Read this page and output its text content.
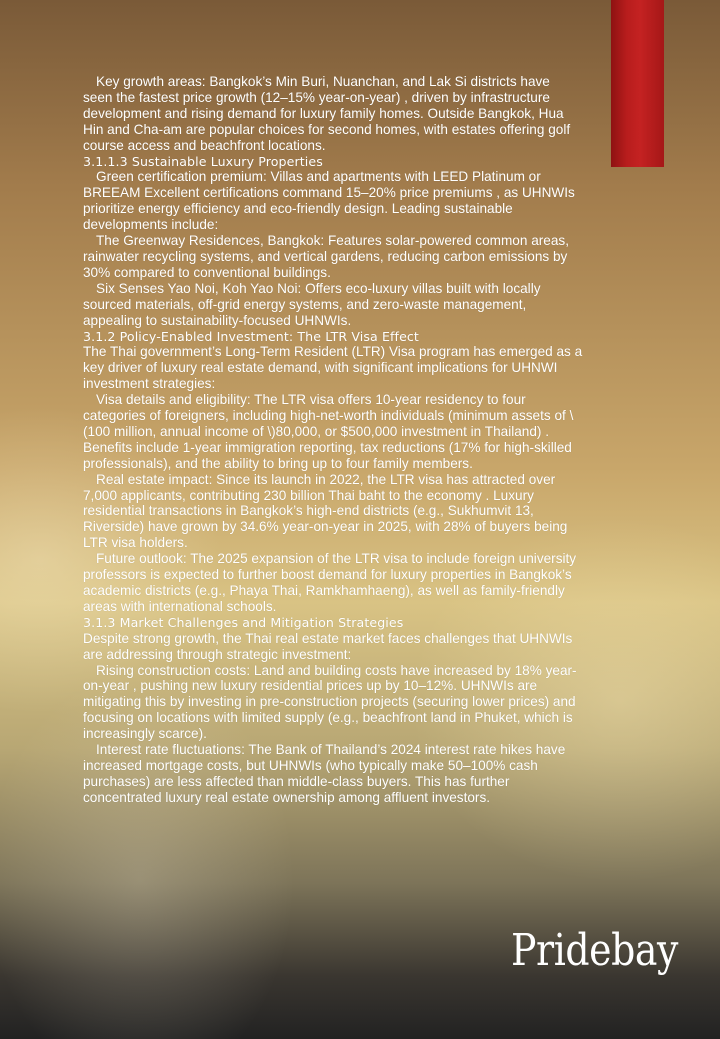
Key growth areas: Bangkok’s Min Buri, Nuanchan, and Lak Si districts have seen the fastest price growth (12–15% year-on-year) , driven by infrastructure development and rising demand for luxury family homes. Outside Bangkok, Hua Hin and Cha-am are popular choices for second homes, with estates offering golf course access and beachfront locations.

3.1.1.3 Sustainable Luxury Properties

Green certification premium: Villas and apartments with LEED Platinum or BREEAM Excellent certifications command 15–20% price premiums , as UHNWIs prioritize energy efficiency and eco-friendly design. Leading sustainable developments include:

The Greenway Residences, Bangkok: Features solar-powered common areas, rainwater recycling systems, and vertical gardens, reducing carbon emissions by 30% compared to conventional buildings.

Six Senses Yao Noi, Koh Yao Noi: Offers eco-luxury villas built with locally sourced materials, off-grid energy systems, and zero-waste management, appealing to sustainability-focused UHNWIs.

3.1.2 Policy-Enabled Investment: The LTR Visa Effect

The Thai government’s Long-Term Resident (LTR) Visa program has emerged as a key driver of luxury real estate demand, with significant implications for UHNWI investment strategies:

Visa details and eligibility: The LTR visa offers 10-year residency to four categories of foreigners, including high-net-worth individuals (minimum assets of \(100 million, annual income of \)80,000, or $500,000 investment in Thailand) . Benefits include 1-year immigration reporting, tax reductions (17% for high-skilled professionals), and the ability to bring up to four family members.

Real estate impact: Since its launch in 2022, the LTR visa has attracted over 7,000 applicants, contributing 230 billion Thai baht to the economy . Luxury residential transactions in Bangkok’s high-end districts (e.g., Sukhumvit 13, Riverside) have grown by 34.6% year-on-year in 2025, with 28% of buyers being LTR visa holders.

Future outlook: The 2025 expansion of the LTR visa to include foreign university professors is expected to further boost demand for luxury properties in Bangkok’s academic districts (e.g., Phaya Thai, Ramkhamhaeng), as well as family-friendly areas with international schools.

3.1.3 Market Challenges and Mitigation Strategies

Despite strong growth, the Thai real estate market faces challenges that UHNWIs are addressing through strategic investment:

Rising construction costs: Land and building costs have increased by 18% year-on-year , pushing new luxury residential prices up by 10–12%. UHNWIs are mitigating this by investing in pre-construction projects (securing lower prices) and focusing on locations with limited supply (e.g., beachfront land in Phuket, which is increasingly scarce).

Interest rate fluctuations: The Bank of Thailand’s 2024 interest rate hikes have increased mortgage costs, but UHNWIs (who typically make 50–100% cash purchases) are less affected than middle-class buyers. This has further concentrated luxury real estate ownership among affluent investors.

Pridebay
